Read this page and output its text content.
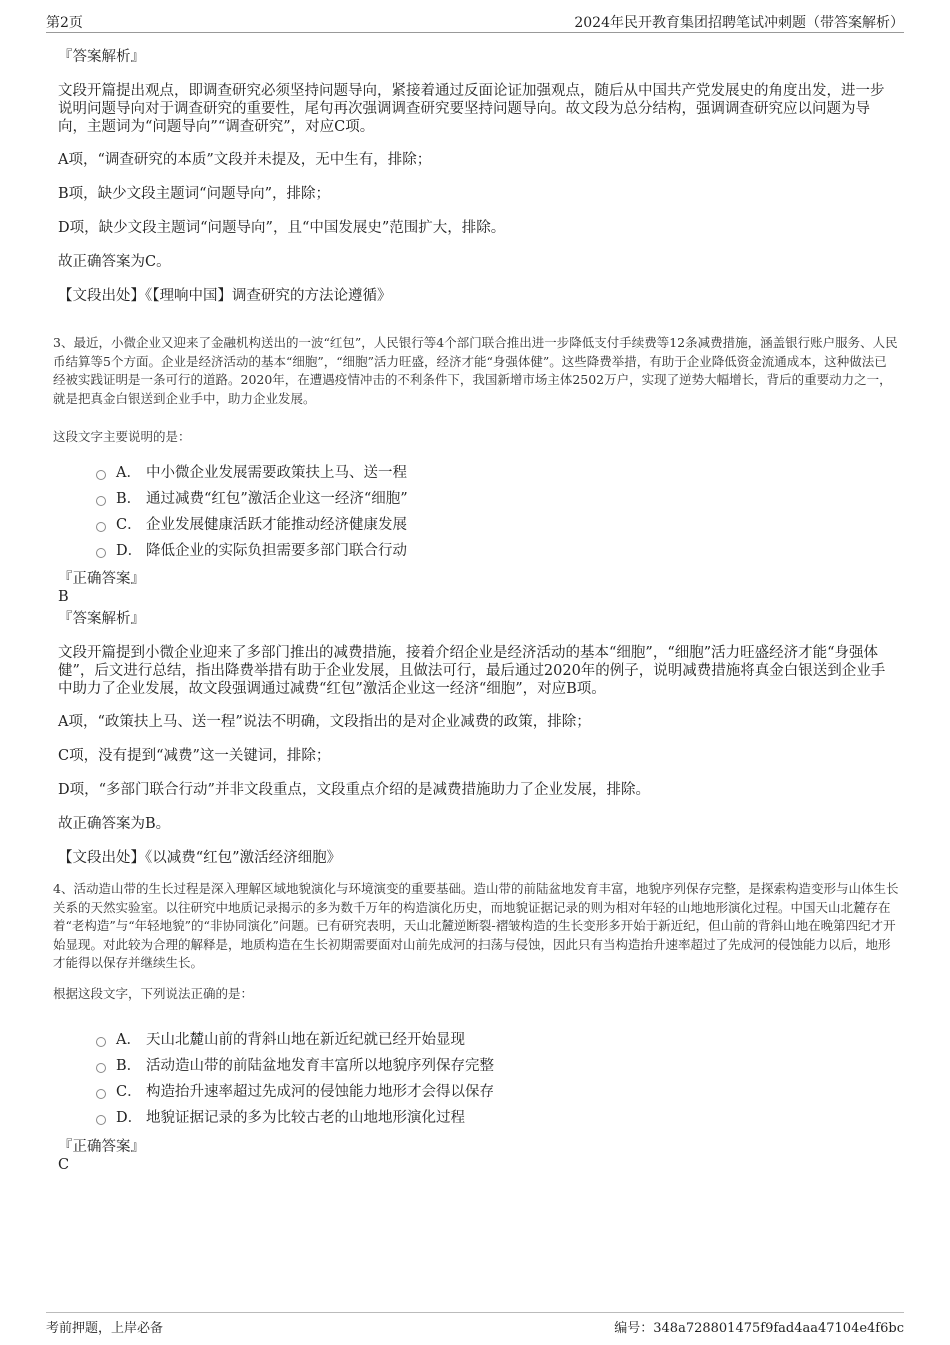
第2页	2024年民开教育集团招聘笔试冲刺题（带答案解析）
『答案解析』
文段开篇提出观点，即调查研究必须坚持问题导向，紧接着通过反面论证加强观点，随后从中国共产党发展史的角度出发，进一步说明问题导向对于调查研究的重要性，尾句再次强调调查研究要坚持问题导向。故文段为总分结构，强调调查研究应以问题为导向，主题词为“问题导向”“调查研究”，对应C项。
A项，“调查研究的本质”文段并未提及，无中生有，排除；
B项，缺少文段主题词“问题导向”，排除；
D项，缺少文段主题词“问题导向”，且“中国发展史”范围扩大，排除。
故正确答案为C。
【文段出处】《【理响中国】调查研究的方法论遵循》
3、最近，小微企业又迎来了金融机构送出的一波“红包”，人民银行等4个部门联合推出进一步降低支付手续费等12条减费措施，涵盖银行账户服务、人民币结算等5个方面。企业是经济活动的基本“细胞”，“细胞”活力旺盛，经济才能“身强体健”。这些降费举措，有助于企业降低资金流通成本，这种做法已经被实践证明是一条可行的道路。2020年，在遭遇疫情冲击的不利条件下，我国新增市场主体2502万户，实现了逆势大幅增长，背后的重要动力之一，就是把真金白银送到企业手中，助力企业发展。
这段文字主要说明的是：
A． 中小微企业发展需要政策扶上马、送一程
B． 通过减费“红包”激活企业这一经济“细胞”
C． 企业发展健康活跃才能推动经济健康发展
D． 降低企业的实际负担需要多部门联合行动
『正确答案』
B
『答案解析』
文段开篇提到小微企业迎来了多部门推出的减费措施，接着介绍企业是经济活动的基本“细胞”，“细胞”活力旺盛经济才能“身强体健”，后文进行总结，指出降费举措有助于企业发展，且做法可行，最后通过2020年的例子，说明减费措施将真金白银送到企业手中助力了企业发展，故文段强调通过减费“红包”激活企业这一经济“细胞”，对应B项。
A项，“政策扶上马、送一程”说法不明确，文段指出的是对企业减费的政策，排除；
C项，没有提到“减费”这一关键词，排除；
D项，“多部门联合行动”并非文段重点，文段重点介绍的是减费措施助力了企业发展，排除。
故正确答案为B。
【文段出处】《以减费“红包”激活经济细胞》
4、活动造山带的生长过程是深入理解区域地貌演化与环境演变的重要基础。造山带的前陆盆地发育丰富，地貌序列保存完整，是探索构造变形与山体生长关系的天然实验室。以往研究中地质记录揭示的多为数千万年的构造演化历史，而地貌证据记录的则为相对年轻的山地地形演化过程。中国天山北麓存在着“老构造”与“年轻地貌”的“非协同演化”问题。已有研究表明，天山北麓逆断裂-褶皱构造的生长变形多开始于新近纪，但山前的背斜山地在晚第四纪才开始显现。对此较为合理的解释是，地质构造在生长初期需要面对山前先成河的扫荡与侵蚀，因此只有当构造抬升速率超过了先成河的侵蚀能力以后，地形才能得以保存并继续生长。
根据这段文字，下列说法正确的是：
A． 天山北麓山前的背斜山地在新近纪就已经开始显现
B． 活动造山带的前陆盆地发育丰富所以地貌序列保存完整
C． 构造抬升速率超过先成河的侵蚀能力地形才会得以保存
D． 地貌证据记录的多为比较古老的山地地形演化过程
『正确答案』
C
考前押题，上岸必备	编号：348a728801475f9fad4aa47104e4f6bc
